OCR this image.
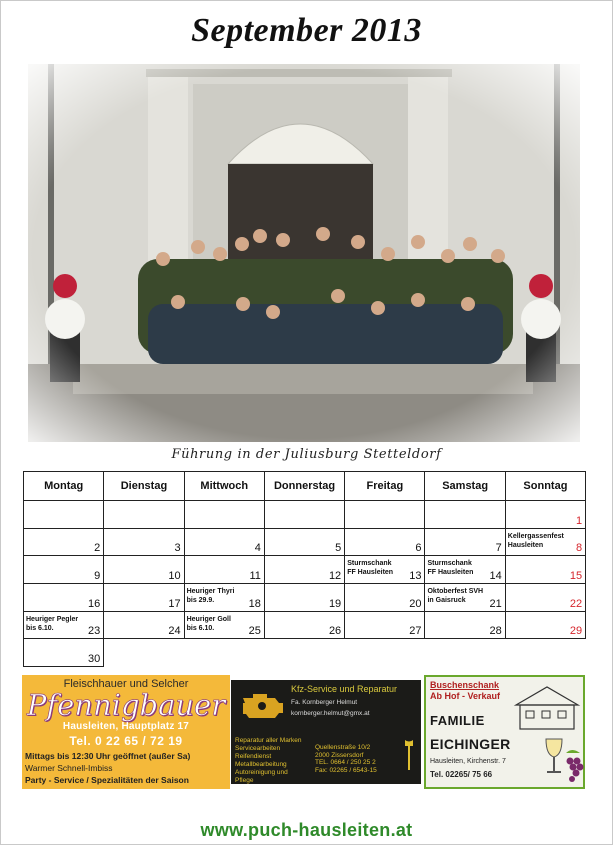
September 2013
Führung in der Juliusburg Stetteldorf
Montag	Dienstag	Mittwoch	Donnerstag	Freitag	Samstag	Sonntag

						1

2	3	4	5	6	7	Kellergassenfest
Hausleiten 8

9	10	11	12	Sturmschank
FF Hausleiten 13	Sturmschank
FF Hausleiten 14	15

16	17	Heuriger Thyri
bis 29.9. 18	19	20	Oktoberfest SVH
in Gaisruck 21	22

Heuriger Pegler
bis 6.10. 23	24	Heuriger Goll
bis 6.10. 25	26	27	28	29

30						

Fleischhauer und Selcher
Pfennigbauer
Hausleiten, Hauptplatz 17
Tel. 0 22 65 / 72 19
Mittags bis 12:30 Uhr geöffnet (außer Sa)
Warmer Schnell-Imbiss
Party - Service / Spezialitäten der Saison
Kfz-Service und Reparatur
Fa. Kornberger Helmut
kornberger.helmut@gmx.at
Reparatur aller Marken
Servicearbeiten
Reifendienst
Metallbearbeitung
Autoreinigung und
Pflege
Quellenstraße 10/2
2000 Zissersdorf
TEL. 0664 / 250 25 2
Fax: 02265 / 6543-15
Buschenschank
Ab Hof - Verkauf
FAMILIE
EICHINGER
Hausleiten, Kirchenstr. 7
Tel. 02265/ 75 66
www.puch-hausleiten.at
